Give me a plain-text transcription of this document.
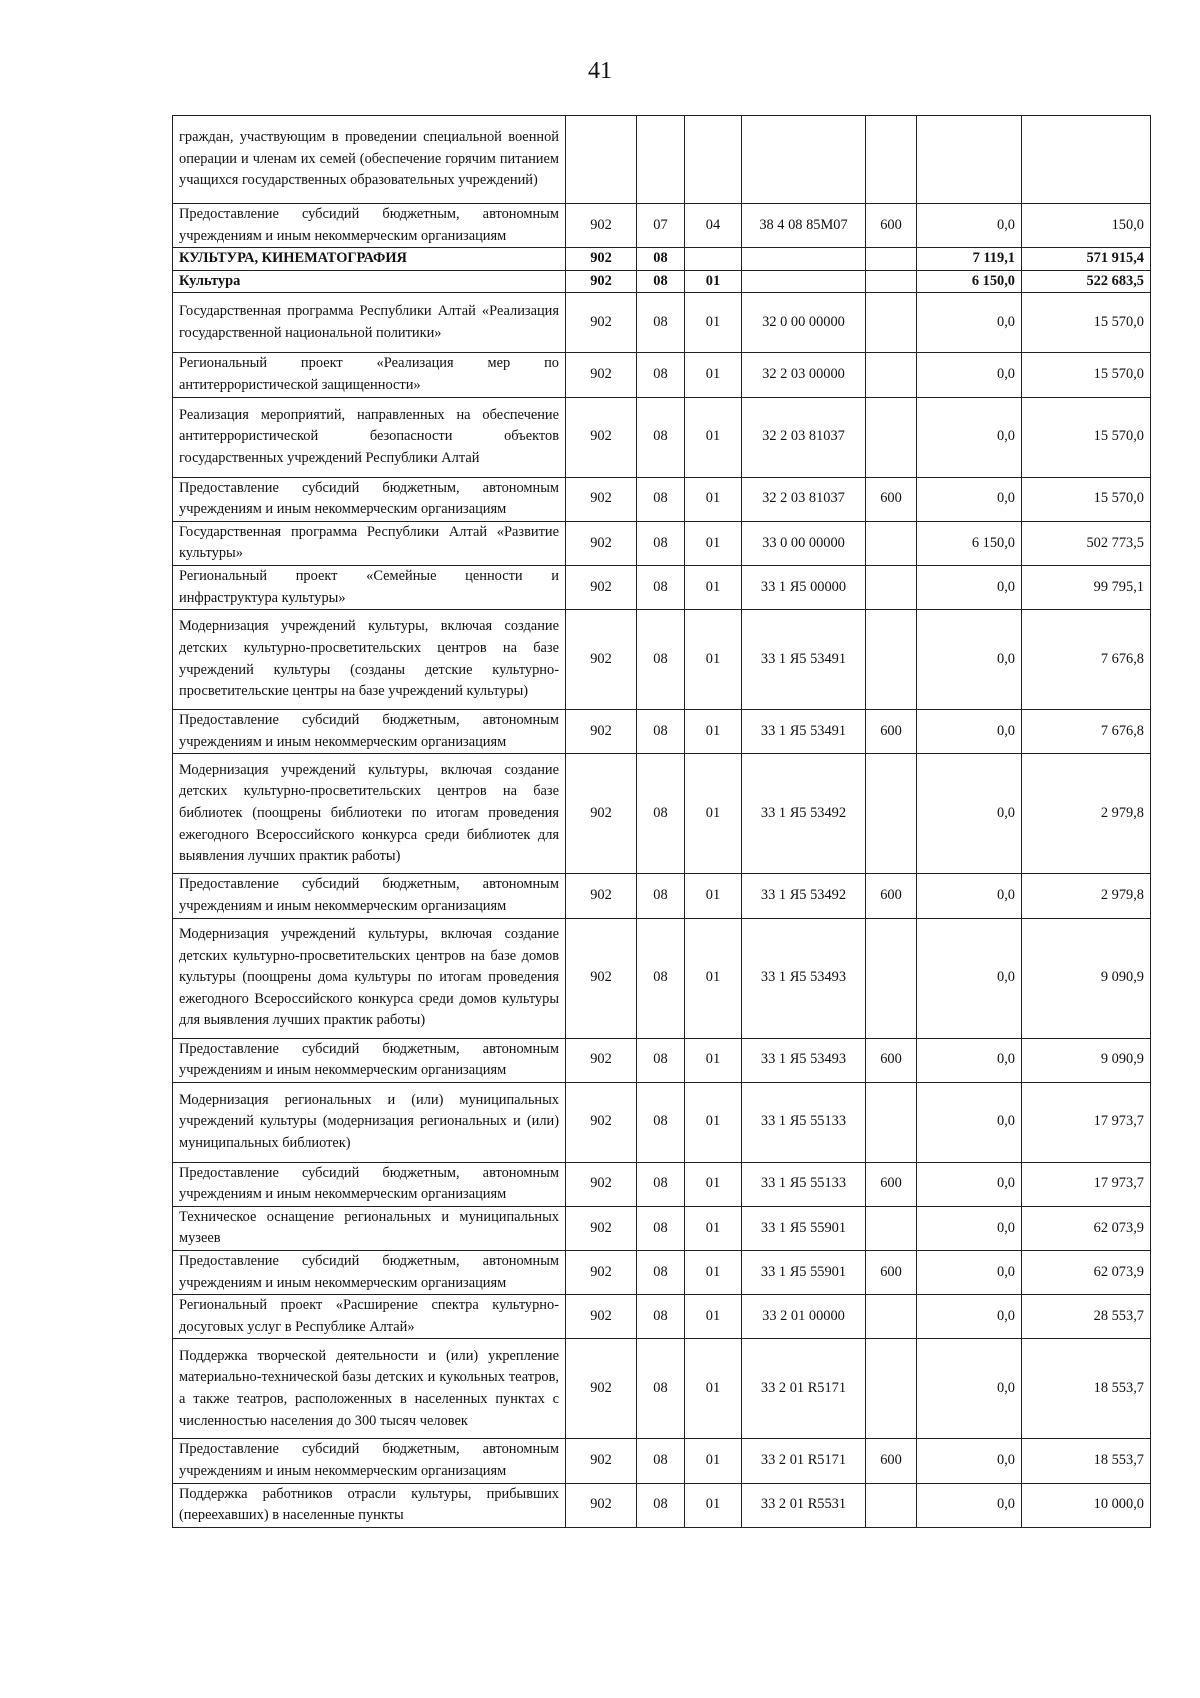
41
граждан, участвующим в проведении специальной военной операции и членам их семей (обеспечение горячим питанием учащихся государственных образовательных учреждений)							
Предоставление субсидий бюджетным, автономным учреждениям и иным некоммерческим организациям	902	07	04	38 4 08 85М07	600	0,0	150,0
КУЛЬТУРА, КИНЕМАТОГРАФИЯ	902	08				7 119,1	571 915,4
Культура	902	08	01			6 150,0	522 683,5
Государственная программа Республики Алтай «Реализация государственной национальной политики»	902	08	01	32 0 00 00000		0,0	15 570,0
Региональный проект «Реализация мер по антитеррористической защищенности»	902	08	01	32 2 03 00000		0,0	15 570,0
Реализация мероприятий, направленных на обеспечение антитеррористической безопасности объектов государственных учреждений Республики Алтай	902	08	01	32 2 03 81037		0,0	15 570,0
Предоставление субсидий бюджетным, автономным учреждениям и иным некоммерческим организациям	902	08	01	32 2 03 81037	600	0,0	15 570,0
Государственная программа Республики Алтай «Развитие культуры»	902	08	01	33 0 00 00000		6 150,0	502 773,5
Региональный проект «Семейные ценности и инфраструктура культуры»	902	08	01	33 1 Я5 00000		0,0	99 795,1
Модернизация учреждений культуры, включая создание детских культурно-просветительских центров на базе учреждений культуры (созданы детские культурно-просветительские центры на базе учреждений культуры)	902	08	01	33 1 Я5 53491		0,0	7 676,8
Предоставление субсидий бюджетным, автономным учреждениям и иным некоммерческим организациям	902	08	01	33 1 Я5 53491	600	0,0	7 676,8
Модернизация учреждений культуры, включая создание детских культурно-просветительских центров на базе библиотек (поощрены библиотеки по итогам проведения ежегодного Всероссийского конкурса среди библиотек для выявления лучших практик работы)	902	08	01	33 1 Я5 53492		0,0	2 979,8
Предоставление субсидий бюджетным, автономным учреждениям и иным некоммерческим организациям	902	08	01	33 1 Я5 53492	600	0,0	2 979,8
Модернизация учреждений культуры, включая создание детских культурно-просветительских центров на базе домов культуры (поощрены дома культуры по итогам проведения ежегодного Всероссийского конкурса среди домов культуры для выявления лучших практик работы)	902	08	01	33 1 Я5 53493		0,0	9 090,9
Предоставление субсидий бюджетным, автономным учреждениям и иным некоммерческим организациям	902	08	01	33 1 Я5 53493	600	0,0	9 090,9
Модернизация региональных и (или) муниципальных учреждений культуры (модернизация региональных и (или) муниципальных библиотек)	902	08	01	33 1 Я5 55133		0,0	17 973,7
Предоставление субсидий бюджетным, автономным учреждениям и иным некоммерческим организациям	902	08	01	33 1 Я5 55133	600	0,0	17 973,7
Техническое оснащение региональных и муниципальных музеев	902	08	01	33 1 Я5 55901		0,0	62 073,9
Предоставление субсидий бюджетным, автономным учреждениям и иным некоммерческим организациям	902	08	01	33 1 Я5 55901	600	0,0	62 073,9
Региональный проект «Расширение спектра культурно-досуговых услуг в Республике Алтай»	902	08	01	33 2 01 00000		0,0	28 553,7
Поддержка творческой деятельности и (или) укрепление материально-технической базы детских и кукольных театров, а также театров, расположенных в населенных пунктах с численностью населения до 300 тысяч человек	902	08	01	33 2 01 R5171		0,0	18 553,7
Предоставление субсидий бюджетным, автономным учреждениям и иным некоммерческим организациям	902	08	01	33 2 01 R5171	600	0,0	18 553,7
Поддержка работников отрасли культуры, прибывших (переехавших) в населенные пункты	902	08	01	33 2 01 R5531		0,0	10 000,0
